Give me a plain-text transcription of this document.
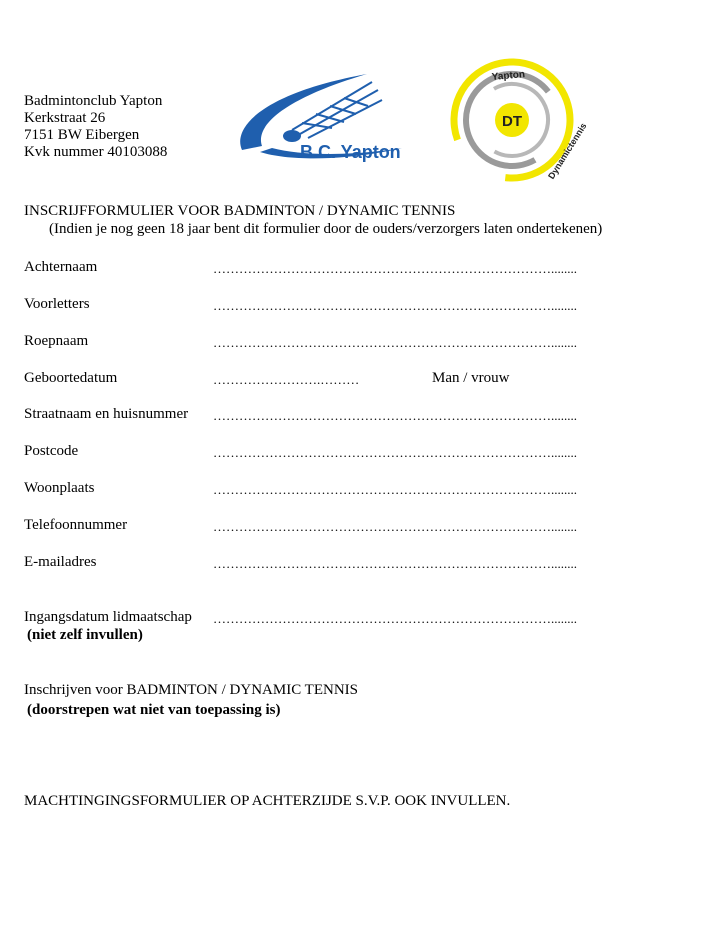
Badmintonclub Yapton
Kerkstraat 26
7151 BW Eibergen
Kvk nummer 40103088	B.C. Yapton
DT
Yapton
Dynamictennis
INSCRIJFFORMULIER VOOR BADMINTON / DYNAMIC TENNIS
(Indien je nog geen 18 jaar bent dit formulier door de ouders/verzorgers laten ondertekenen)
Achternaam	……………………………………………………………………........
Voorletters	……………………………………………………………………........
Roepnaam	……………………………………………………………………........
Geboortedatum	…………………….………	Man / vrouw
Straatnaam en huisnummer ……………………………………………………………………........
Postcode	……………………………………………………………………........
Woonplaats	……………………………………………………………………........
Telefoonnummer	……………………………………………………………………........
E-mailadres	……………………………………………………………………........
Ingangsdatum lidmaatschap ……………………………………………………………………........
(niet zelf invullen)
Inschrijven voor BADMINTON / DYNAMIC TENNIS
(doorstrepen wat niet van toepassing is)
MACHTINGINGSFORMULIER OP ACHTERZIJDE S.V.P. OOK INVULLEN.
